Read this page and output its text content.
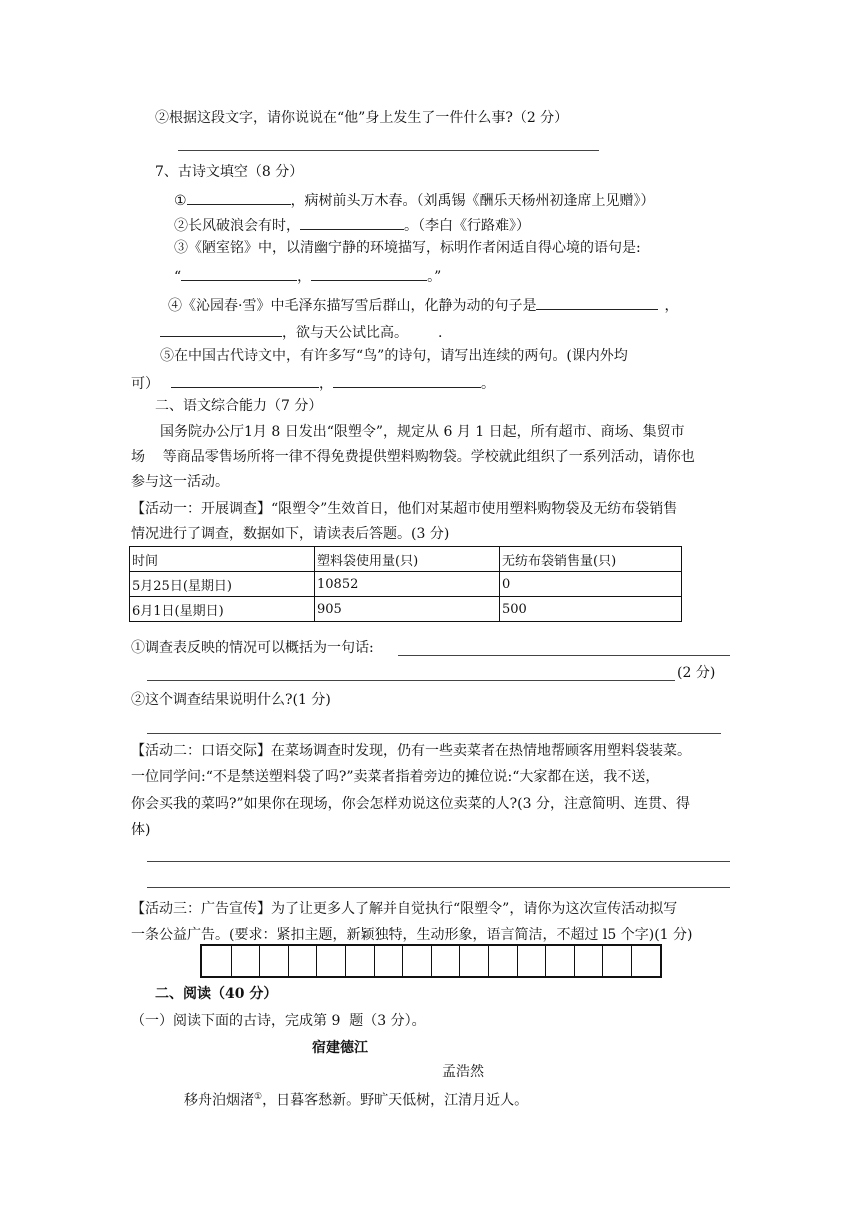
②根据这段文字，请你说说在“他”身上发生了一件什么事?（2 分）
7、古诗文填空（8 分）
①	，病树前头万木春。（刘禹锡《酬乐天杨州初逢席上见赠》）
②长风破浪会有时，	。（李白《行路难》）
③《陋室铭》中，以清幽宁静的环境描写，标明作者闲适自得心境的语句是:
“	，	。”
④《沁园春·雪》中毛泽东描写雪后群山，化静为动的句子是	，
，欲与天公试比高。 .
⑤在中国古代诗文中，有许多写“鸟”的诗句，请写出连续的两句。(课内外均
可）	，	。
二、语文综合能力（7 分）
国务院办公厅1月 8 日发出“限塑令”，规定从 6 月 1 日起，所有超市、商场、集贸市
场    等商品零售场所将一律不得免费提供塑料购物袋。学校就此组织了一系列活动，请你也
参与这一活动。
【活动一：开展调查】“限塑令”生效首日，他们对某超市使用塑料购物袋及无纺布袋销售
情况进行了调查，数据如下，请读表后答题。(3 分)
时间	塑料袋使用量(只)	无纺布袋销售量(只)
5月25日(星期日)	10852	0
6月1日(星期日)	905	500
①调查表反映的情况可以概括为一句话:
(2 分)
②这个调查结果说明什么?(1 分)
【活动二：口语交际】在菜场调查时发现，仍有一些卖菜者在热情地帮顾客用塑料袋装菜。
一位同学问:“不是禁送塑料袋了吗?”卖菜者指着旁边的摊位说:“大家都在送，我不送，
你会买我的菜吗?”如果你在现场，你会怎样劝说这位卖菜的人?(3 分，注意简明、连贯、得
体)
【活动三：广告宣传】为了让更多人了解并自觉执行“限塑令”，请你为这次宣传活动拟写
一条公益广告。(要求：紧扣主题，新颖独特，生动形象，语言简洁，不超过 l5 个字)(1 分)
二、阅读（40 分）
（一）阅读下面的古诗，完成第 9  题（3 分）。
宿建德江
孟浩然
移舟泊烟渚①，日暮客愁新。野旷天低树，江清月近人。
